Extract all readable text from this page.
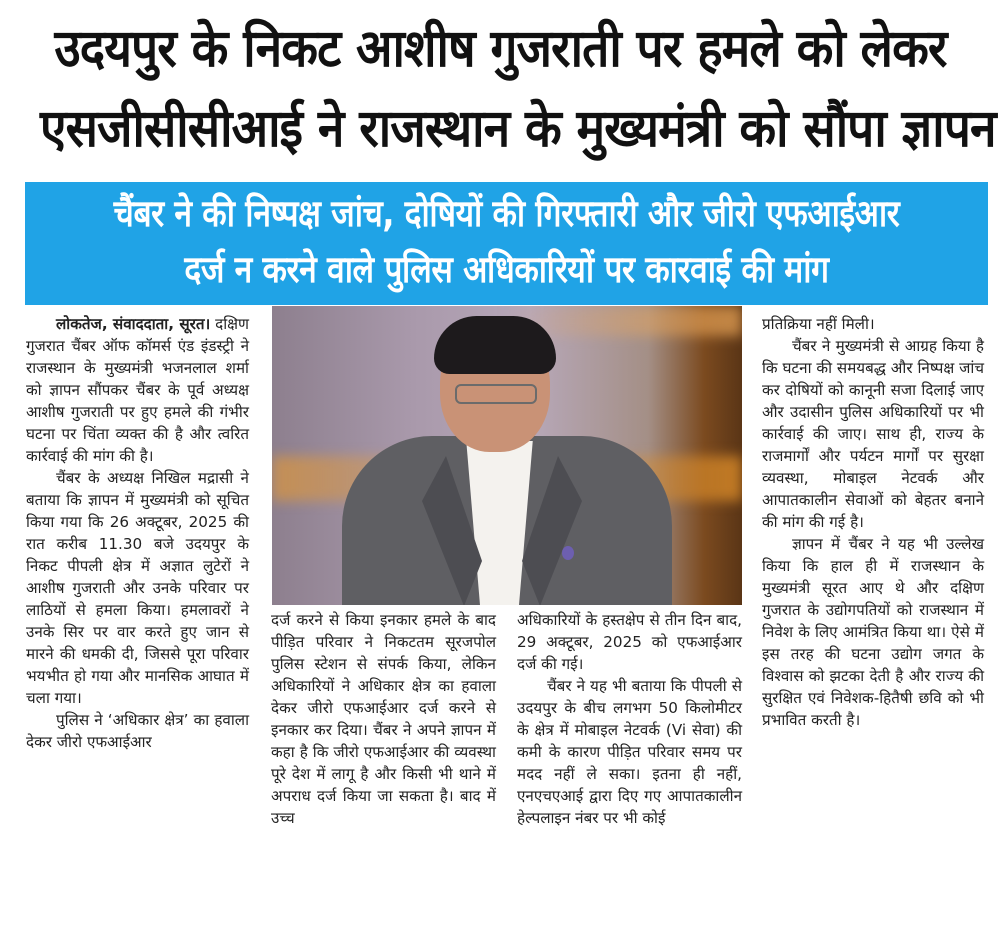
उदयपुर के निकट आशीष गुजराती पर हमले को लेकर
एसजीसीसीआई ने राजस्थान के मुख्यमंत्री को सौंपा ज्ञापन
चैंबर ने की निष्पक्ष जांच, दोषियों की गिरफ्तारी और जीरो एफआईआर
दर्ज न करने वाले पुलिस अधिकारियों पर कारवाई की मांग

लोकतेज, संवाददाता, सूरत। दक्षिण गुजरात चैंबर ऑफ कॉमर्स एंड इंडस्ट्री ने राजस्थान के मुख्यमंत्री भजनलाल शर्मा को ज्ञापन सौंपकर चैंबर के पूर्व अध्यक्ष आशीष गुजराती पर हुए हमले की गंभीर घटना पर चिंता व्यक्त की है और त्वरित कार्रवाई की मांग की है।

चैंबर के अध्यक्ष निखिल मद्रासी ने बताया कि ज्ञापन में मुख्यमंत्री को सूचित किया गया कि 26 अक्टूबर, 2025 की रात करीब 11.30 बजे उदयपुर के निकट पीपली क्षेत्र में अज्ञात लुटेरों ने आशीष गुजराती और उनके परिवार पर लाठियों से हमला किया। हमलावरों ने उनके सिर पर वार करते हुए जान से मारने की धमकी दी, जिससे पूरा परिवार भयभीत हो गया और मानसिक आघात में चला गया।

पुलिस ने ‘अधिकार क्षेत्र’ का हवाला देकर जीरो एफआईआर

दर्ज करने से किया इनकार हमले के बाद पीड़ित परिवार ने निकटतम सूरजपोल पुलिस स्टेशन से संपर्क किया, लेकिन अधिकारियों ने अधिकार क्षेत्र का हवाला देकर जीरो एफआईआर दर्ज करने से इनकार कर दिया। चैंबर ने अपने ज्ञापन में कहा है कि जीरो एफआईआर की व्यवस्था पूरे देश में लागू है और किसी भी थाने में अपराध दर्ज किया जा सकता है। बाद में उच्च

अधिकारियों के हस्तक्षेप से तीन दिन बाद, 29 अक्टूबर, 2025 को एफआईआर दर्ज की गई।

चैंबर ने यह भी बताया कि पीपली से उदयपुर के बीच लगभग 50 किलोमीटर के क्षेत्र में मोबाइल नेटवर्क (Vi सेवा) की कमी के कारण पीड़ित परिवार समय पर मदद नहीं ले सका। इतना ही नहीं, एनएचएआई द्वारा दिए गए आपातकालीन हेल्पलाइन नंबर पर भी कोई

प्रतिक्रिया नहीं मिली।

चैंबर ने मुख्यमंत्री से आग्रह किया है कि घटना की समयबद्ध और निष्पक्ष जांच कर दोषियों को कानूनी सजा दिलाई जाए और उदासीन पुलिस अधिकारियों पर भी कार्रवाई की जाए। साथ ही, राज्य के राजमार्गों और पर्यटन मार्गों पर सुरक्षा व्यवस्था, मोबाइल नेटवर्क और आपातकालीन सेवाओं को बेहतर बनाने की मांग की गई है।

ज्ञापन में चैंबर ने यह भी उल्लेख किया कि हाल ही में राजस्थान के मुख्यमंत्री सूरत आए थे और दक्षिण गुजरात के उद्योगपतियों को राजस्थान में निवेश के लिए आमंत्रित किया था। ऐसे में इस तरह की घटना उद्योग जगत के विश्वास को झटका देती है और राज्य की सुरक्षित एवं निवेशक-हितैषी छवि को भी प्रभावित करती है।
